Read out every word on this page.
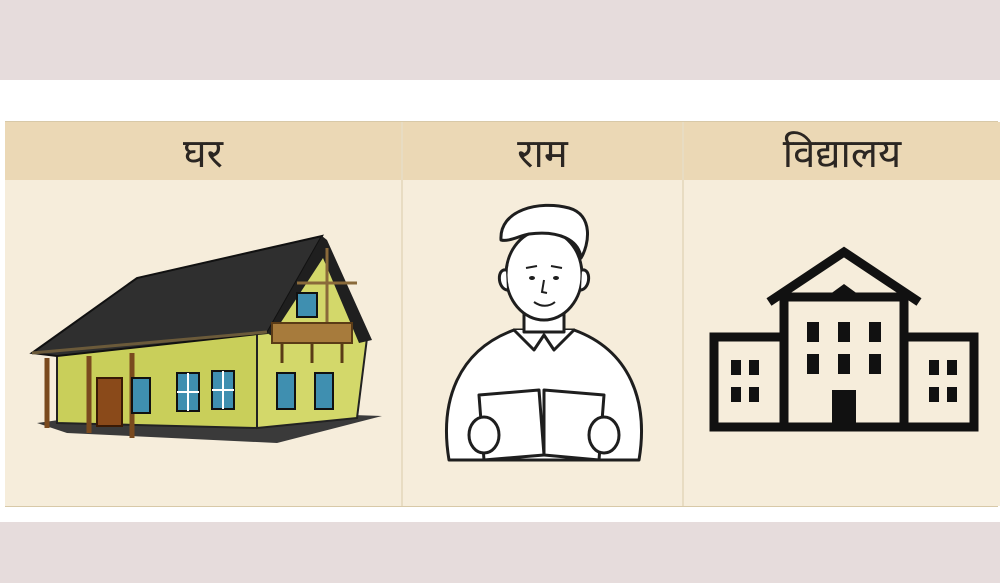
घर	राम	विद्यालय
